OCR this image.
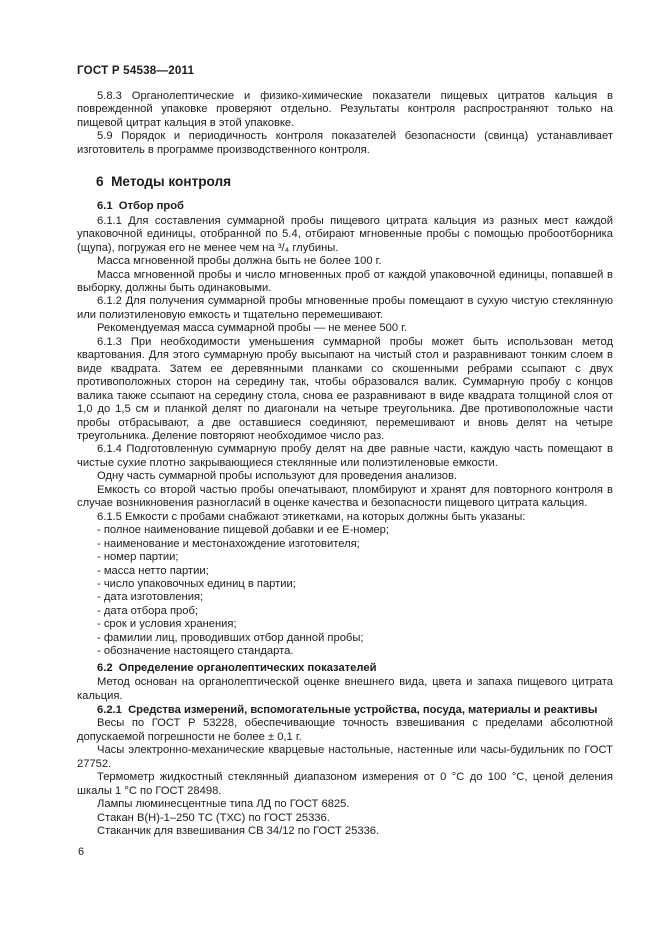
ГОСТ Р 54538—2011

5.8.3 Органолептические и физико-химические показатели пищевых цитратов кальция в поврежденной упаковке проверяют отдельно. Результаты контроля распространяют только на пищевой цитрат кальция в этой упаковке.

5.9 Порядок и периодичность контроля показателей безопасности (свинца) устанавливает изготовитель в программе производственного контроля.

6  Методы контроля
6.1  Отбор проб

6.1.1 Для составления суммарной пробы пищевого цитрата кальция из разных мест каждой упаковочной единицы, отобранной по 5.4, отбирают мгновенные пробы с помощью пробоотборника (щупа), погружая его не менее чем на ³/₄ глубины.

Масса мгновенной пробы должна быть не более 100 г.

Масса мгновенной пробы и число мгновенных проб от каждой упаковочной единицы, попавшей в выборку, должны быть одинаковыми.

6.1.2 Для получения суммарной пробы мгновенные пробы помещают в сухую чистую стеклянную или полиэтиленовую емкость и тщательно перемешивают.

Рекомендуемая масса суммарной пробы — не менее 500 г.

6.1.3 При необходимости уменьшения суммарной пробы может быть использован метод квартования. Для этого суммарную пробу высыпают на чистый стол и разравнивают тонким слоем в виде квадрата. Затем ее деревянными планками со скошенными ребрами ссыпают с двух противоположных сторон на середину так, чтобы образовался валик. Суммарную пробу с концов валика также ссыпают на середину стола, снова ее разравнивают в виде квадрата толщиной слоя от 1,0 до 1,5 см и планкой делят по диагонали на четыре треугольника. Две противоположные части пробы отбрасывают, а две оставшиеся соединяют, перемешивают и вновь делят на четыре треугольника. Деление повторяют необходимое число раз.

6.1.4 Подготовленную суммарную пробу делят на две равные части, каждую часть помещают в чистые сухие плотно закрывающиеся стеклянные или полиэтиленовые емкости.

Одну часть суммарной пробы используют для проведения анализов.

Емкость со второй частью пробы опечатывают, пломбируют и хранят для повторного контроля в случае возникновения разногласий в оценке качества и безопасности пищевого цитрата кальция.

6.1.5 Емкости с пробами снабжают этикетками, на которых должны быть указаны:

- полное наименование пищевой добавки и ее Е-номер;

- наименование и местонахождение изготовителя;

- номер партии;

- масса нетто партии;

- число упаковочных единиц в партии;

- дата изготовления;

- дата отбора проб;

- срок и условия хранения;

- фамилии лиц, проводивших отбор данной пробы;

- обозначение настоящего стандарта.

6.2  Определение органолептических показателей

Метод основан на органолептической оценке внешнего вида, цвета и запаха пищевого цитрата кальция.

6.2.1  Средства измерений, вспомогательные устройства, посуда, материалы и реактивы

Весы по ГОСТ Р 53228, обеспечивающие точность взвешивания с пределами абсолютной допускаемой погрешности не более ± 0,1 г.

Часы электронно-механические кварцевые настольные, настенные или часы-будильник по ГОСТ 27752.

Термометр жидкостный стеклянный диапазоном измерения от 0 °С до 100 °С, ценой деления шкалы 1 °С по ГОСТ 28498.

Лампы люминесцентные типа ЛД по ГОСТ 6825.

Стакан В(Н)-1–250 ТС (ТХС) по ГОСТ 25336.

Стаканчик для взвешивания СВ 34/12 по ГОСТ 25336.

6
